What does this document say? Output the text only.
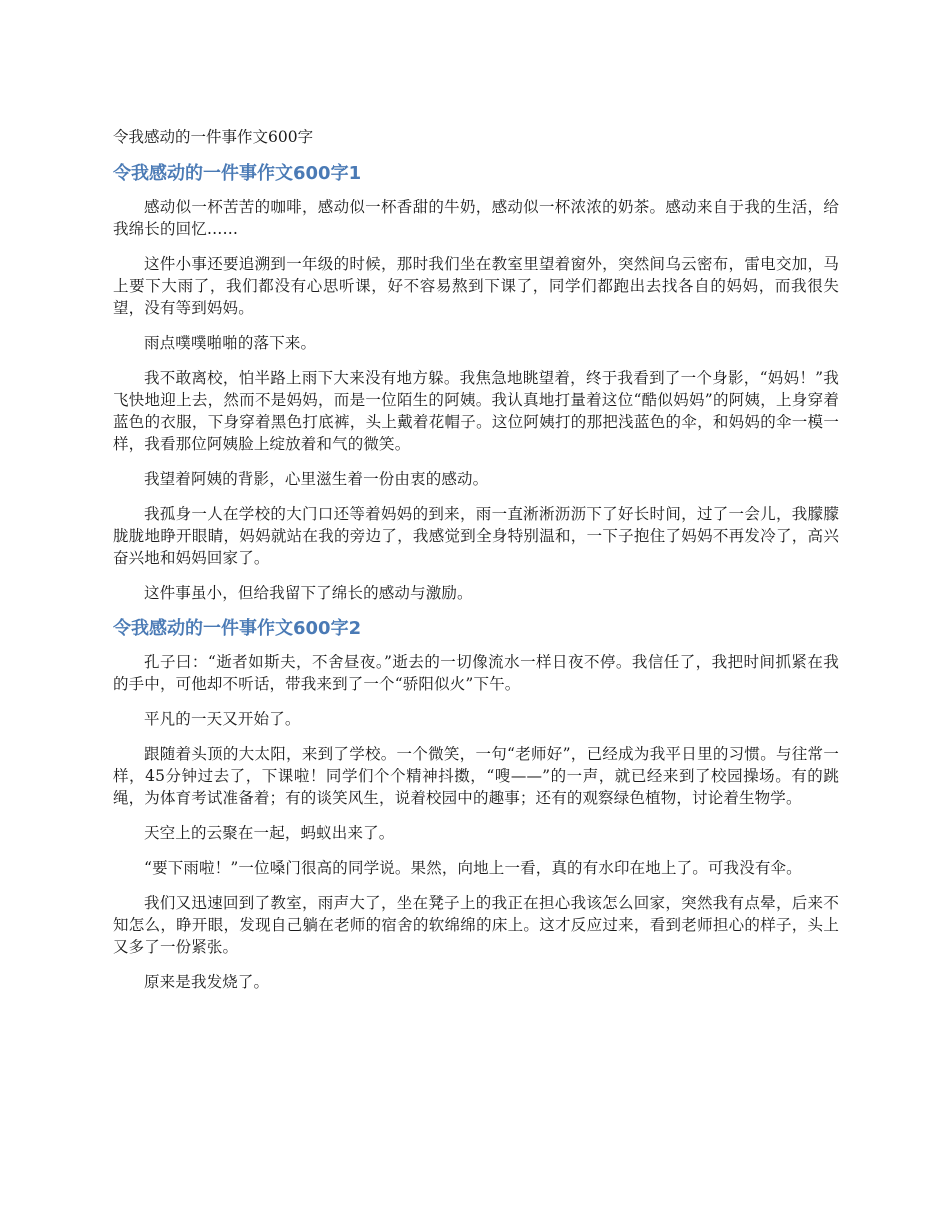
令我感动的一件事作文600字
令我感动的一件事作文600字1

感动似一杯苦苦的咖啡，感动似一杯香甜的牛奶，感动似一杯浓浓的奶茶。感动来自于我的生活，给我绵长的回忆……

这件小事还要追溯到一年级的时候，那时我们坐在教室里望着窗外，突然间乌云密布，雷电交加，马上要下大雨了，我们都没有心思听课，好不容易熬到下课了，同学们都跑出去找各自的妈妈，而我很失望，没有等到妈妈。

雨点噗噗啪啪的落下来。

我不敢离校，怕半路上雨下大来没有地方躲。我焦急地眺望着，终于我看到了一个身影，“妈妈！”我飞快地迎上去，然而不是妈妈，而是一位陌生的阿姨。我认真地打量着这位“酷似妈妈”的阿姨，上身穿着蓝色的衣服，下身穿着黑色打底裤，头上戴着花帽子。这位阿姨打的那把浅蓝色的伞，和妈妈的伞一模一样，我看那位阿姨脸上绽放着和气的微笑。

我望着阿姨的背影，心里滋生着一份由衷的感动。

我孤身一人在学校的大门口还等着妈妈的到来，雨一直淅淅沥沥下了好长时间，过了一会儿，我朦朦胧胧地睁开眼睛，妈妈就站在我的旁边了，我感觉到全身特别温和，一下子抱住了妈妈不再发冷了，高兴奋兴地和妈妈回家了。

这件事虽小，但给我留下了绵长的感动与激励。

令我感动的一件事作文600字2

孔子曰：“逝者如斯夫，不舍昼夜。”逝去的一切像流水一样日夜不停。我信任了，我把时间抓紧在我的手中，可他却不听话，带我来到了一个“骄阳似火”下午。

平凡的一天又开始了。

跟随着头顶的大太阳，来到了学校。一个微笑，一句“老师好”，已经成为我平日里的习惯。与往常一样，45分钟过去了，下课啦！同学们个个精神抖擞，“嗖——”的一声，就已经来到了校园操场。有的跳绳，为体育考试准备着；有的谈笑风生，说着校园中的趣事；还有的观察绿色植物，讨论着生物学。

天空上的云聚在一起，蚂蚁出来了。

“要下雨啦！”一位嗓门很高的同学说。果然，向地上一看，真的有水印在地上了。可我没有伞。

我们又迅速回到了教室，雨声大了，坐在凳子上的我正在担心我该怎么回家，突然我有点晕，后来不知怎么，睁开眼，发现自己躺在老师的宿舍的软绵绵的床上。这才反应过来，看到老师担心的样子，头上又多了一份紧张。

原来是我发烧了。
